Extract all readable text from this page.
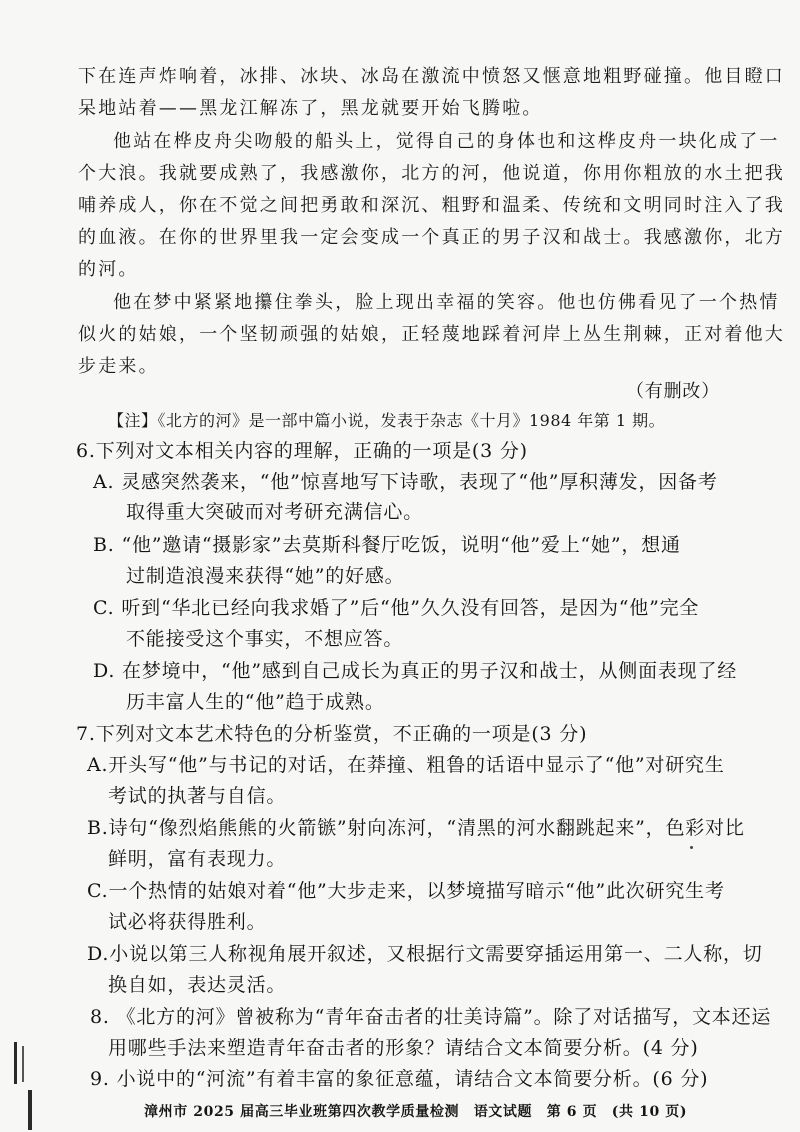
下在连声炸响着，冰排、冰块、冰岛在激流中愤怒又惬意地粗野碰撞。他目瞪口
呆地站着——黑龙江解冻了，黑龙就要开始飞腾啦。
他站在桦皮舟尖吻般的船头上，觉得自己的身体也和这桦皮舟一块化成了一
个大浪。我就要成熟了，我感激你，北方的河，他说道，你用你粗放的水土把我
哺养成人，你在不觉之间把勇敢和深沉、粗野和温柔、传统和文明同时注入了我
的血液。在你的世界里我一定会变成一个真正的男子汉和战士。我感激你，北方
的河。
他在梦中紧紧地攥住拳头，脸上现出幸福的笑容。他也仿佛看见了一个热情
似火的姑娘，一个坚韧顽强的姑娘，正轻蔑地踩着河岸上丛生荆棘，正对着他大
步走来。
（有删改）
【注】《北方的河》是一部中篇小说，发表于杂志《十月》1984 年第 1 期。
6.下列对文本相关内容的理解，正确的一项是(3 分)
A. 灵感突然袭来，“他”惊喜地写下诗歌，表现了“他”厚积薄发，因备考
取得重大突破而对考研充满信心。
B. “他”邀请“摄影家”去莫斯科餐厅吃饭，说明“他”爱上“她”，想通
过制造浪漫来获得“她”的好感。
C. 听到“华北已经向我求婚了”后“他”久久没有回答，是因为“他”完全
不能接受这个事实，不想应答。
D. 在梦境中，“他”感到自己成长为真正的男子汉和战士，从侧面表现了经
历丰富人生的“他”趋于成熟。
7.下列对文本艺术特色的分析鉴赏，不正确的一项是(3 分)
A.开头写“他”与书记的对话，在莽撞、粗鲁的话语中显示了“他”对研究生
考试的执著与自信。
B.诗句“像烈焰熊熊的火箭镞”射向冻河，“清黑的河水翻跳起来”，色彩对比
鲜明，富有表现力。
C.一个热情的姑娘对着“他”大步走来，以梦境描写暗示“他”此次研究生考
试必将获得胜利。
D.小说以第三人称视角展开叙述，又根据行文需要穿插运用第一、二人称，切
换自如，表达灵活。
8. 《北方的河》曾被称为“青年奋击者的壮美诗篇”。除了对话描写，文本还运
用哪些手法来塑造青年奋击者的形象？请结合文本简要分析。(4 分)
9. 小说中的“河流”有着丰富的象征意蕴，请结合文本简要分析。(6 分)
漳州市 2025 届高三毕业班第四次教学质量检测　语文试题　第 6 页　(共 10 页)
